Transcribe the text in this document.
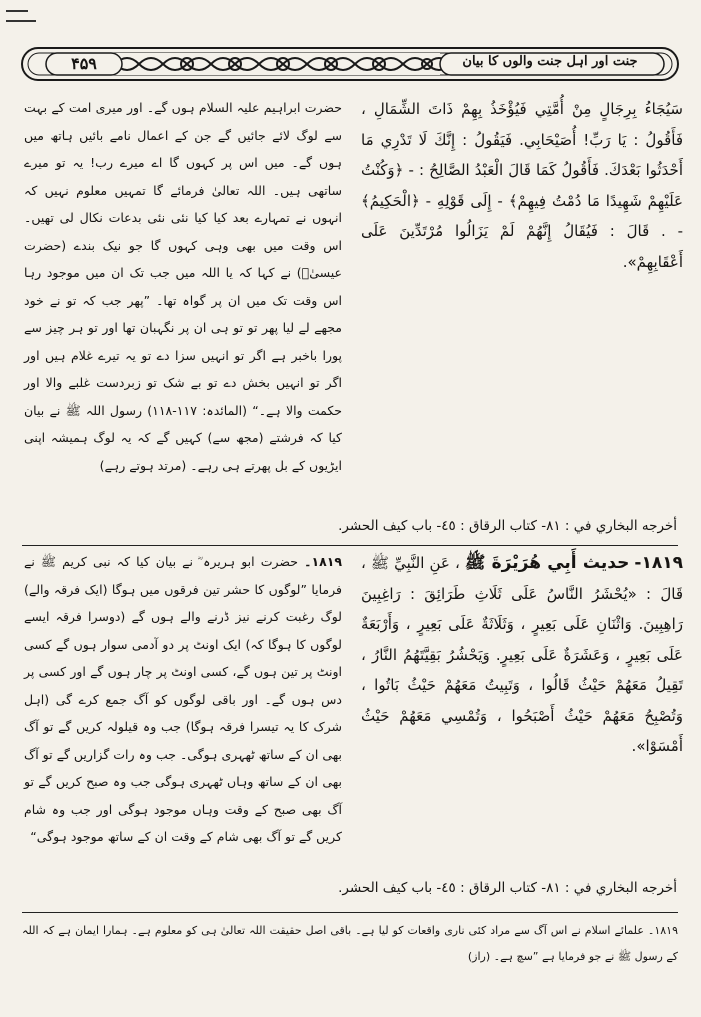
۴۵۹	جنت اور اہل جنت والوں کا بیان

سَيُجَاءُ بِرِجَالٍ مِنْ أُمَّتِي فَيُؤْخَذُ بِهِمْ ذَاتَ الشِّمَالِ ، فَأَقُولُ : يَا رَبِّ! أُصَيْحَابِي. فَيَقُولُ : إِنَّكَ لَا تَدْرِي مَا أَحْدَثُوا بَعْدَكَ. فَأَقُولُ كَمَا قَالَ الْعَبْدُ الصَّالِحُ : - ﴿وَكُنْتُ عَلَيْهِمْ شَهِيدًا مَا دُمْتُ فِيهِمْ﴾ - إِلَى قَوْلِهِ - ﴿الْحَكِيمُ﴾ - . قَالَ : فَيُقَالُ إِنَّهُمْ لَمْ يَزَالُوا مُرْتَدِّينَ عَلَى أَعْقَابِهِمْ».

حضرت ابراہیم علیہ السلام ہوں گے۔ اور میری امت کے بہت سے لوگ لائے جائیں گے جن کے اعمال نامے بائیں ہاتھ میں ہوں گے۔ میں اس پر کہوں گا اے میرے رب! یہ تو میرے ساتھی ہیں۔ اللہ تعالیٰ فرمائے گا تمہیں معلوم نہیں کہ انہوں نے تمہارے بعد کیا کیا نئی نئی بدعات نکال لی تھیں۔ اس وقت میں بھی وہی کہوں گا جو نیک بندے (حضرت عیسیٰؑ) نے کہا کہ یا اللہ میں جب تک ان میں موجود رہا اس وقت تک میں ان پر گواہ تھا۔ ”پھر جب کہ تو نے خود مجھے لے لیا پھر تو تو ہی ان پر نگہبان تھا اور تو ہر چیز سے پورا باخبر ہے اگر تو انہیں سزا دے تو یہ تیرے غلام ہیں اور اگر تو انہیں بخش دے تو بے شک تو زبردست غلبے والا اور حکمت والا ہے۔“ (المائدہ: ۱۱۷-۱۱۸) رسول اللہ ﷺ نے بیان کیا کہ فرشتے (مجھ سے) کہیں گے کہ یہ لوگ ہمیشہ اپنی ایڑیوں کے بل پھرتے ہی رہے۔ (مرتد ہوتے رہے)

أخرجه البخاري في : ٨١- كتاب الرقاق : ٤٥- باب كيف الحشر.

١٨١٩- حديث أَبِي هُرَيْرَةَ ﷺ ، عَنِ النَّبِيِّ ﷺ ، قَالَ : «يُحْشَرُ النَّاسُ عَلَى ثَلَاثِ طَرَائِقَ : رَاغِبِينَ رَاهِبِينَ. وَاثْنَانِ عَلَى بَعِيرٍ ، وَثَلَاثَةٌ عَلَى بَعِيرٍ ، وَأَرْبَعَةٌ عَلَى بَعِيرٍ ، وَعَشَرَةٌ عَلَى بَعِيرٍ. وَيَحْشُرُ بَقِيَّتَهُمُ النَّارُ ، تَقِيلُ مَعَهُمْ حَيْثُ قَالُوا ، وَتَبِيتُ مَعَهُمْ حَيْثُ بَاتُوا ، وَتُصْبِحُ مَعَهُمْ حَيْثُ أَصْبَحُوا ، وَتُمْسِي مَعَهُمْ حَيْثُ أَمْسَوْا».

۱۸۱۹۔ حضرت ابو ہریرہ ؓ نے بیان کیا کہ نبی کریم ﷺ نے فرمایا ”لوگوں کا حشر تین فرقوں میں ہوگا (ایک فرقہ والے) لوگ رغبت کرنے نیز ڈرنے والے ہوں گے (دوسرا فرقہ ایسے لوگوں کا ہوگا کہ) ایک اونٹ پر دو آدمی سوار ہوں گے کسی اونٹ پر تین ہوں گے، کسی اونٹ پر چار ہوں گے اور کسی پر دس ہوں گے۔ اور باقی لوگوں کو آگ جمع کرے گی (اہل شرک کا یہ تیسرا فرقہ ہوگا) جب وہ قیلولہ کریں گے تو آگ بھی ان کے ساتھ ٹھہری ہوگی۔ جب وہ رات گزاریں گے تو آگ بھی ان کے ساتھ وہاں ٹھہری ہوگی جب وہ صبح کریں گے تو آگ بھی صبح کے وقت وہاں موجود ہوگی اور جب وہ شام کریں گے تو آگ بھی شام کے وقت ان کے ساتھ موجود ہوگی“

أخرجه البخاري في : ٨١- كتاب الرقاق : ٤٥- باب كيف الحشر.
۱۸۱۹۔ علمائے اسلام نے اس آگ سے مراد کئی ناری واقعات کو لیا ہے۔ باقی اصل حقیقت اللہ تعالیٰ ہی کو معلوم ہے۔ ہمارا ایمان ہے کہ اللہ کے رسول ﷺ نے جو فرمایا ہے ”سچ ہے۔ (راز)
